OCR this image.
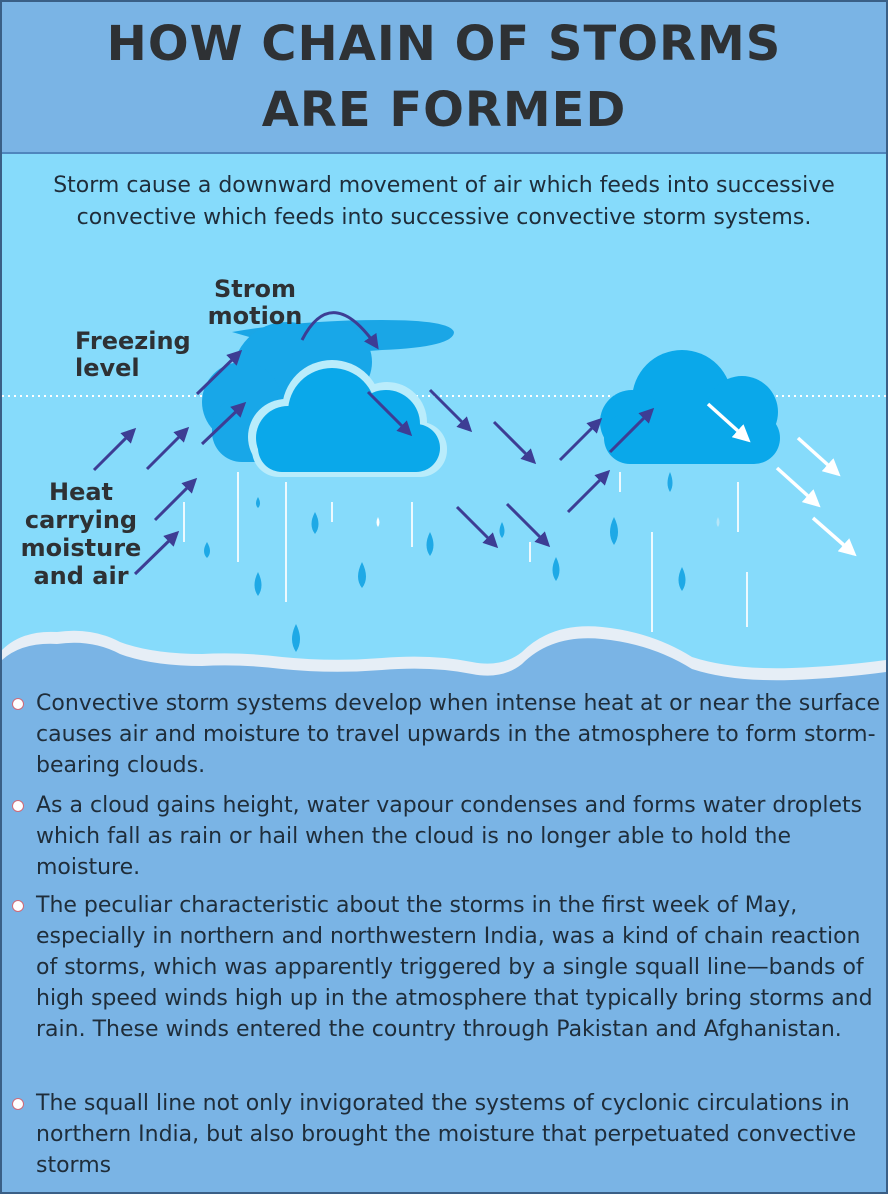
HOW CHAIN OF STORMS
ARE FORMED
Storm cause a downward movement of air which feeds into successive convective which feeds into successive convective storm systems.
Strom motion
Freezing level
Heat carrying moisture and air
Convective storm systems develop when intense heat at or near the surface causes air and moisture to travel upwards in the atmosphere to form storm-bearing clouds.
As a cloud gains height, water vapour condenses and forms water droplets which fall as rain or hail when the cloud is no longer able to hold the moisture.
The peculiar characteristic about the storms in the first week of May, especially in northern and northwestern India, was a kind of chain reaction of storms, which was apparently triggered by a single squall line—bands of high speed winds high up in the atmosphere that typically bring storms and rain. These winds entered the country through Pakistan and Afghanistan.
The squall line not only invigorated the systems of cyclonic circulations in northern India, but also brought the moisture that perpetuated convective storms
